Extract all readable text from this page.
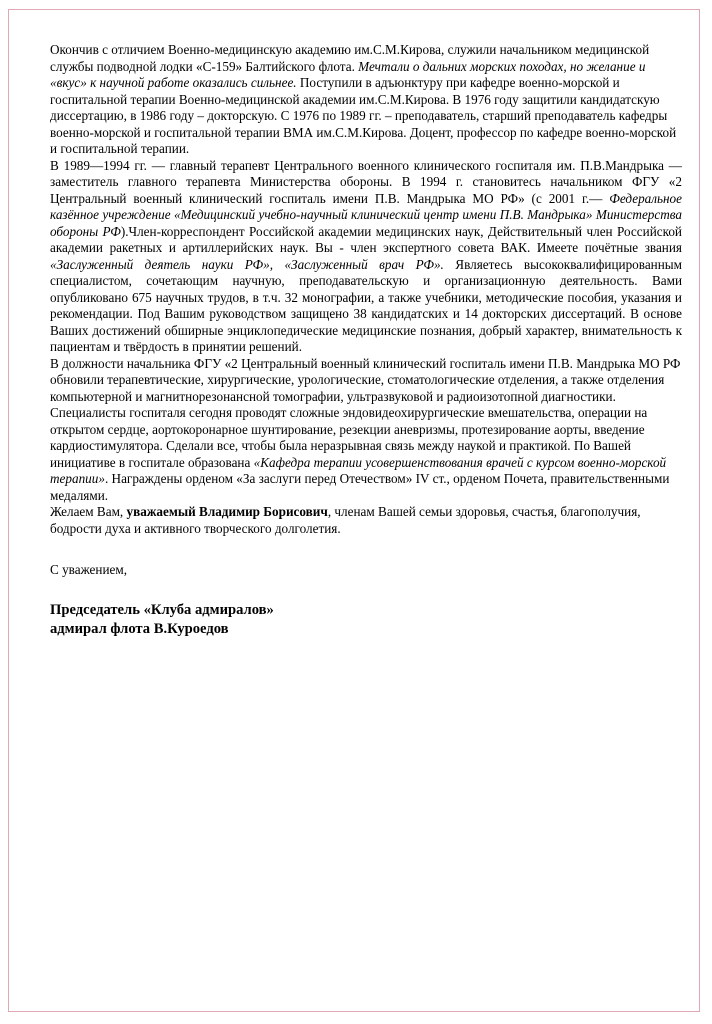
Окончив с отличием Военно-медицинскую академию им.С.М.Кирова, служили начальником медицинской службы подводной лодки «С-159» Балтийского флота. Мечтали о дальних морских походах, но желание и «вкус» к научной работе оказались сильнее. Поступили в адъюнктуру при кафедре военно-морской и госпитальной терапии Военно-медицинской академии им.С.М.Кирова. В 1976 году защитили кандидатскую диссертацию, в 1986 году – докторскую. С 1976 по 1989 гг. – преподаватель, старший преподаватель кафедры военно-морской и госпитальной терапии ВМА им.С.М.Кирова. Доцент, профессор по кафедре военно-морской и госпитальной терапии.

В 1989—1994 гг. — главный терапевт Центрального военного клинического госпиталя им. П.В.Мандрыка — заместитель главного терапевта Министерства обороны. В 1994 г. становитесь начальником ФГУ «2 Центральный военный клинический госпиталь имени П.В. Мандрыка МО РФ» (с 2001 г.— Федеральное казённое учреждение «Медицинский учебно-научный клинический центр имени П.В. Мандрыка» Министерства обороны РФ).Член-корреспондент Российской академии медицинских наук, Действительный член Российской академии ракетных и артиллерийских наук. Вы - член экспертного совета ВАК. Имеете почётные звания «Заслуженный деятель науки РФ», «Заслуженный врач РФ». Являетесь высококвалифицированным специалистом, сочетающим научную, преподавательскую и организационную деятельность. Вами опубликовано 675 научных трудов, в т.ч. 32 монографии, а также учебники, методические пособия, указания и рекомендации. Под Вашим руководством защищено 38 кандидатских и 14 докторских диссертаций. В основе Ваших достижений обширные энциклопедические медицинские познания, добрый характер, внимательность к пациентам и твёрдость в принятии решений.

В должности начальника ФГУ «2 Центральный военный клинический госпиталь имени П.В. Мандрыка МО РФ обновили терапевтические, хирургические, урологические, стоматологические отделения, а также отделения компьютерной и магнитнорезонансной томографии, ультразвуковой и радиоизотопной диагностики. Специалисты госпиталя сегодня проводят сложные эндовидеохирургические вмешательства, операции на открытом сердце, аортокоронарное шунтирование, резекции аневризмы, протезирование аорты, введение кардиостимулятора. Сделали все, чтобы была неразрывная связь между наукой и практикой. По Вашей инициативе в госпитале образована «Кафедра терапии усовершенствования врачей с курсом военно-морской терапии». Награждены орденом «За заслуги перед Отечеством» IV ст., орденом Почета, правительственными медалями.

Желаем Вам, уважаемый Владимир Борисович, членам Вашей семьи здоровья, счастья, благополучия, бодрости духа и активного творческого долголетия.

С уважением,

Председатель «Клуба адмиралов»
адмирал флота В.Куроедов
